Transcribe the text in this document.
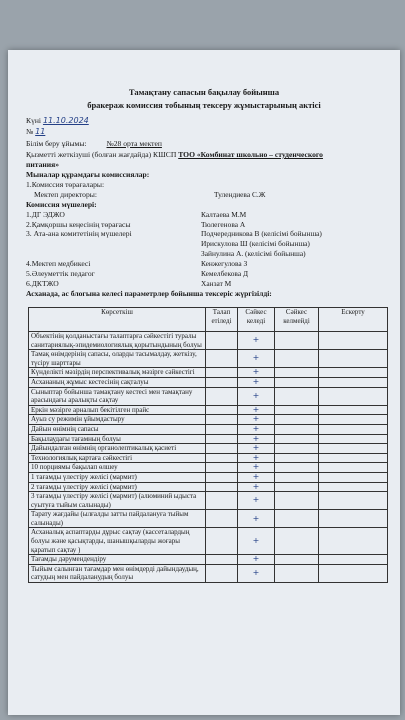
Тамақтану сапасын бақылау бойынша
бракераж комиссия тобының тексеру жұмыстарының актісі
Күні 11.10.2024
№ 11
Білім беру ұйымы:	№28 орта мектеп
Қызметті жеткізуші (болған жағдайда) КШСП ТОО «Комбинат школьно – студенческого
питания»
Мыналар құрамдағы комиссиялар:
1.Комиссия төрағалары:
Мектеп директоры:	Тулендиева С.Ж
Комиссия мүшелері:
1.ДГ ЭДЖО	Калтаева М.М
2.Қамқоршы кеңесінің төрағасы	Тюлегенова А
3. Ата-ана комитетінің мүшелері	Подчередникова В (келісімі бойынша)
Ирискулова Ш (келісімі бойынша)
Зайнулина А. (келісімі бойынша)
4.Мектеп медбикесі	Кенжегулова З
5.Әлеуметтік педагог	Кемелбекова Д
6.ДКТЖО	Ханзат М
Асханада, ас блогына келесі параметрлер бойынша тексеріс жүргізілді:
Көрсеткіш	Талап етіледі	Сәйкес келеді	Сәйкес келмейді	Ескерту
Объектінің қолданыстағы талаптарға сәйкестігі туралы санитариялық-эпидемиологиялық қорытындының болуы		+		
Тамақ өнімдерінің сапасы, оларды тасымалдау, жеткізу, түсіру шарттары		+		
Күнделікті мәзірдің перспективалық мәзірге сәйкестігі		+		
Асхананың жұмыс кестесінің сақталуы		+		
Сыныптар бойынша тамақтану кестесі мен тамақтану арасындағы аралықты сақтау		+		
Еркін мәзірге арналып бекітілген прайс		+		
Ауыз су режимін ұйымдастыру		+		
Дайын өнімнің сапасы		+		
Бақылаудағы тағамның болуы		+		
Дайындалған өнімнің органолептикалық қасиеті		+		
Технологиялық картаға сәйкестігі		+		
10 порциямы бақылап өлшеу		+		
1 тағамды үлестіру желісі (мармит)		+		
2 тағамды үлестіру желісі (мармит)		+		
3 тағамды үлестіру желісі (мармит) (алюминий ыдыста суытуға тыйым салынады)		+		
Тарату жағдайы (ылғалды затты пайдалануға тыйым салынады)		+		
Асханалық аспаптарды дұрыс сақтау (кассеталардың болуы және қасықтарды, шанышқыларды жоғары қаратып сақтау )		+		
Тағамды дәрумендендіру		+		
Тыйым салынған тағамдар мен өнімдерді дайындаудың, сатудың мен пайдаланудың болуы		+		
